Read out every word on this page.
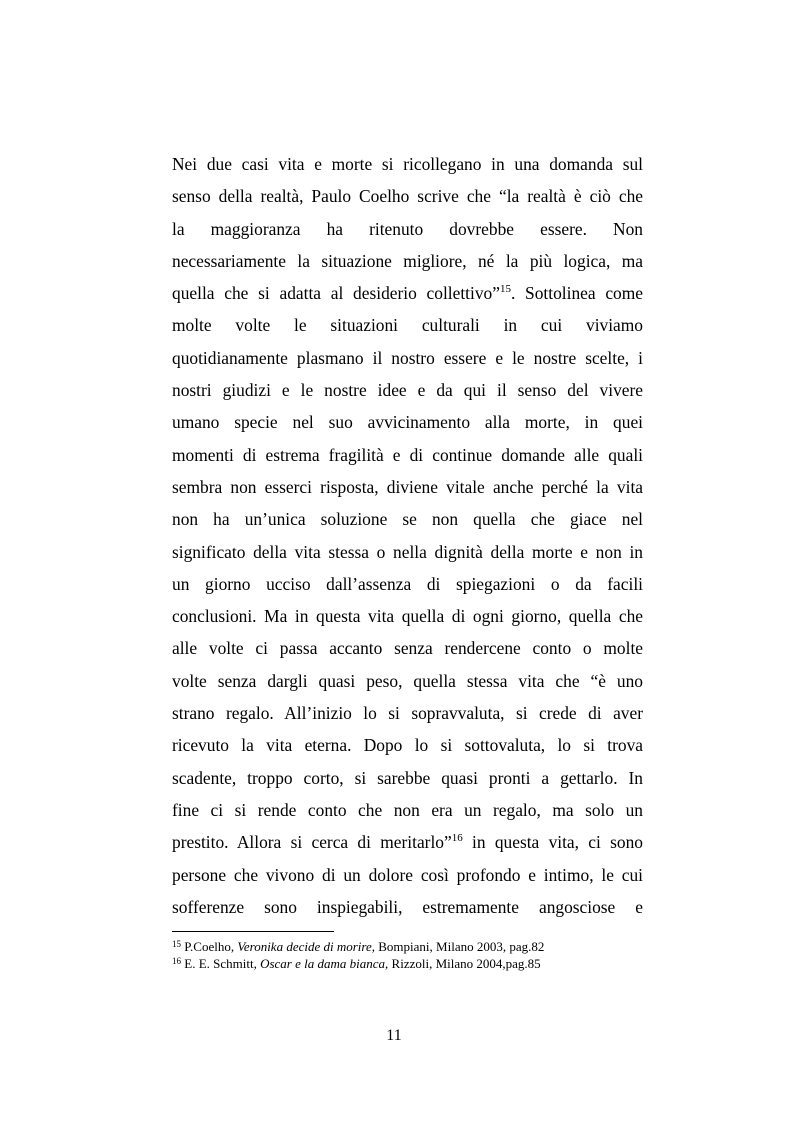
Nei due casi vita e morte si ricollegano in una domanda sul
senso della realtà, Paulo Coelho scrive che “la realtà è ciò che
la maggioranza ha ritenuto dovrebbe essere. Non
necessariamente la situazione migliore, né la più logica, ma
quella che si adatta al desiderio collettivo”$^{15}$. Sottolinea come
molte volte le situazioni culturali in cui viviamo
quotidianamente plasmano il nostro essere e le nostre scelte, i
nostri giudizi e le nostre idee e da qui il senso del vivere
umano specie nel suo avvicinamento alla morte, in quei
momenti di estrema fragilità e di continue domande alle quali
sembra non esserci risposta, diviene vitale anche perché la vita
non ha un’unica soluzione se non quella che giace nel
significato della vita stessa o nella dignità della morte e non in
un giorno ucciso dall’assenza di spiegazioni o da facili
conclusioni. Ma in questa vita quella di ogni giorno, quella che
alle volte ci passa accanto senza rendercene conto o molte
volte senza dargli quasi peso, quella stessa vita che “è uno
strano regalo. All’inizio lo si sopravvaluta, si crede di aver
ricevuto la vita eterna. Dopo lo si sottovaluta, lo si trova
scadente, troppo corto, si sarebbe quasi pronti a gettarlo. In
fine ci si rende conto che non era un regalo, ma solo un
prestito. Allora si cerca di meritarlo”$^{16}$ in questa vita, ci sono
persone che vivono di un dolore così profondo e intimo, le cui
sofferenze sono inspiegabili, estremamente angosciose e
$^{15}$ P.Coelho, Veronika decide di morire, Bompiani, Milano 2003, pag.82
$^{16}$ E. E. Schmitt, Oscar e la dama bianca, Rizzoli, Milano 2004,pag.85
11
